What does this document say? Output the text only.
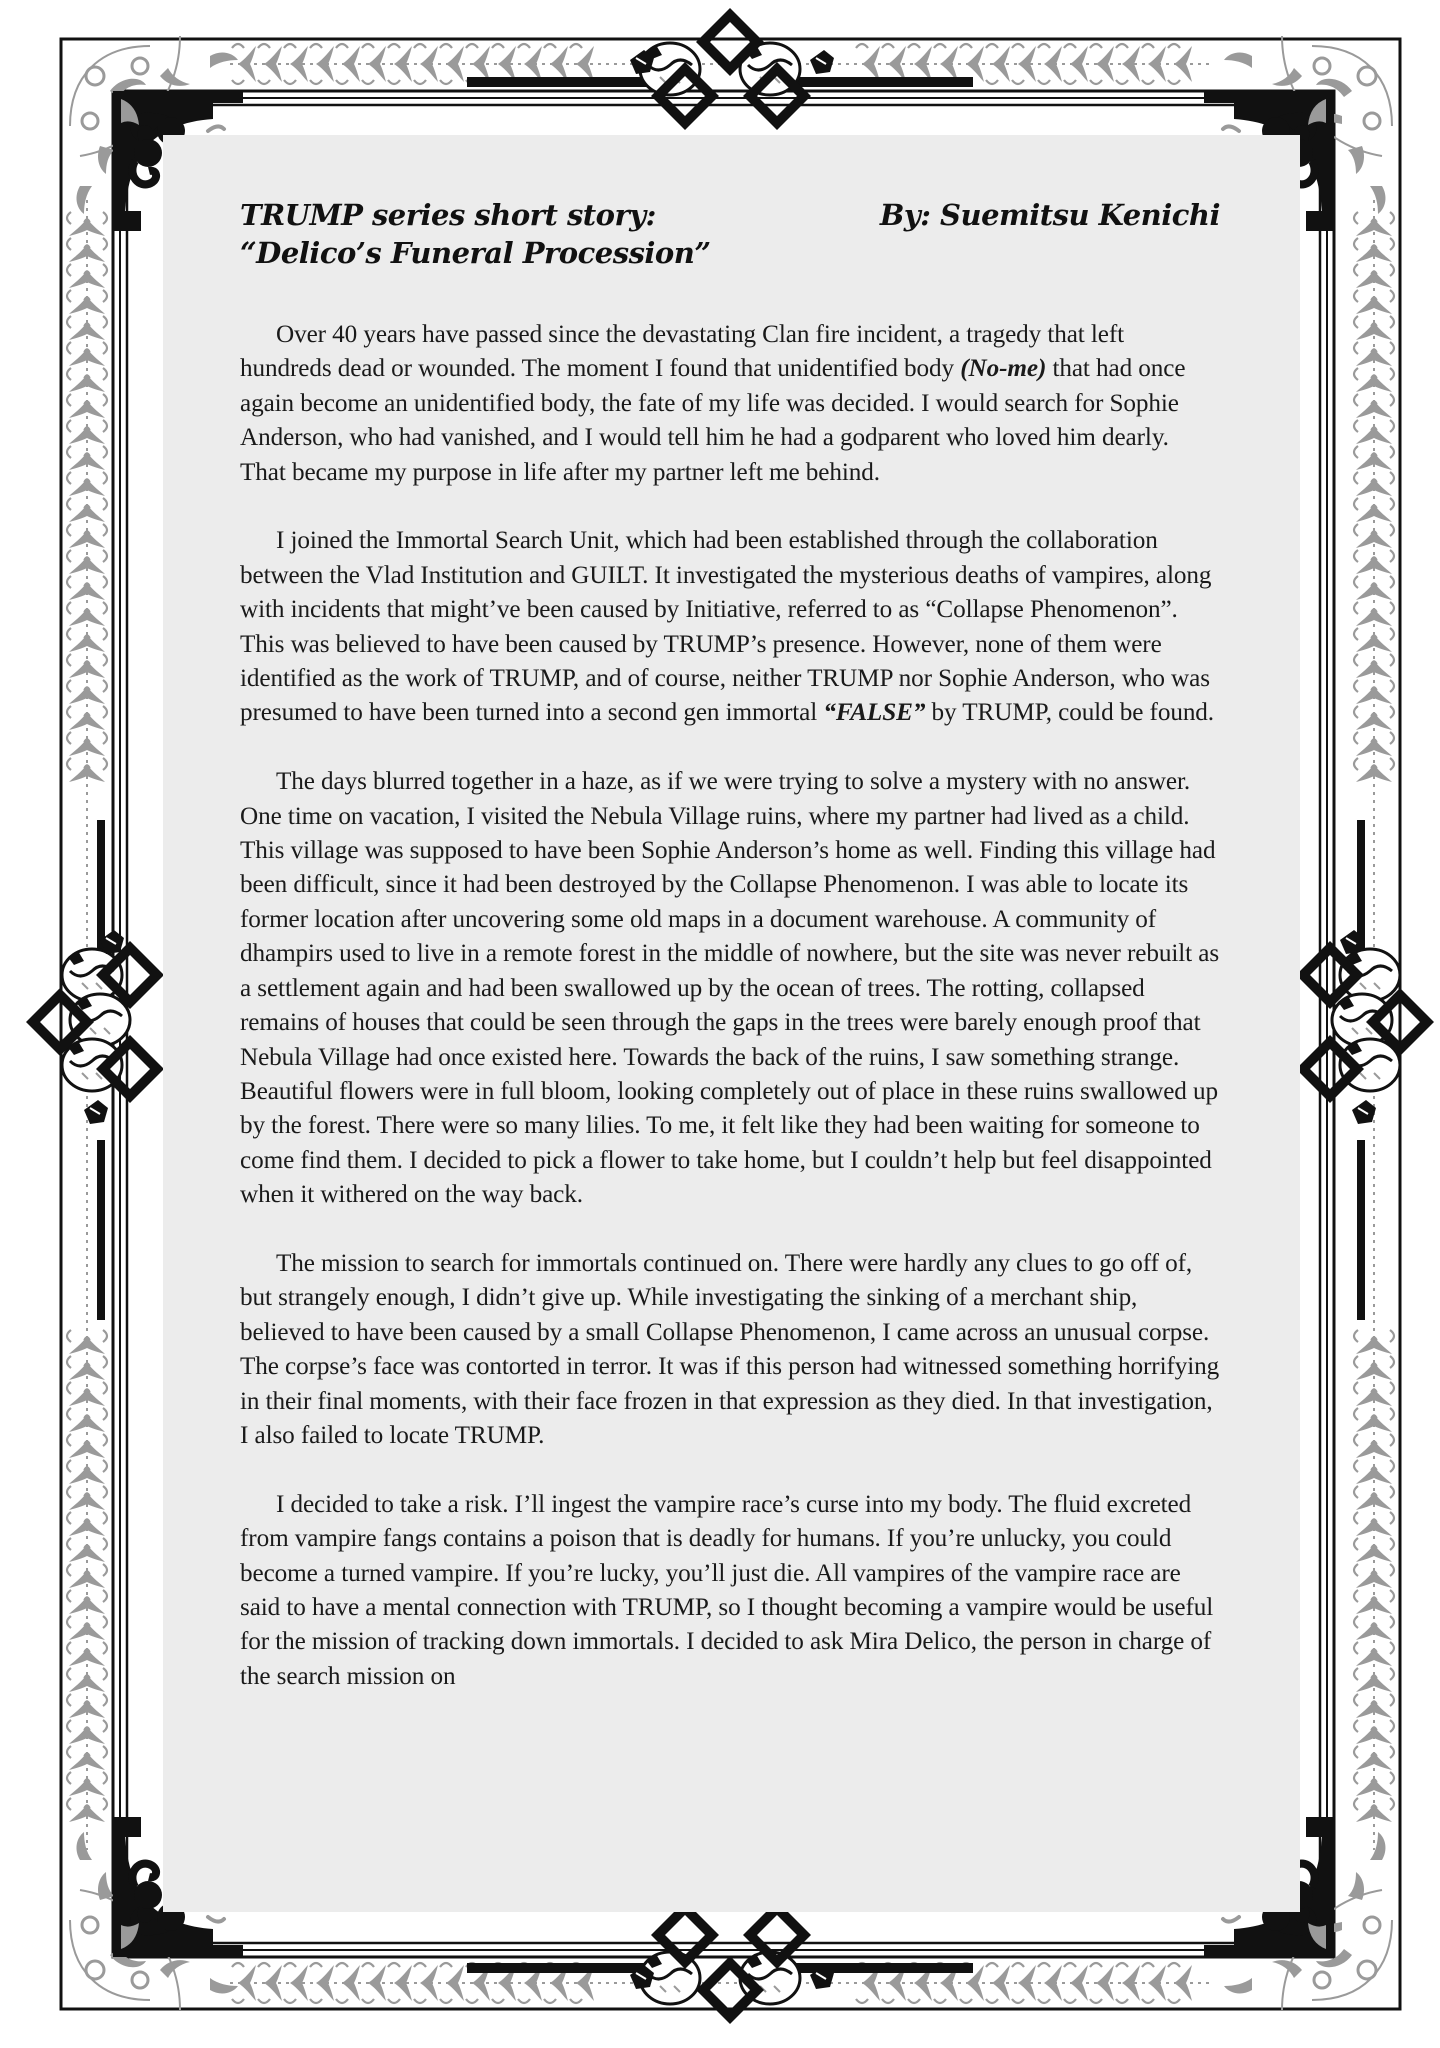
TRUMP series short story:
“Delico’s Funeral Procession”
By: Suemitsu Kenichi

Over 40 years have passed since the devastating Clan fire incident, a tragedy that left hundreds dead or wounded. The moment I found that unidentified body (No-me) that had once again become an unidentified body, the fate of my life was decided. I would search for Sophie Anderson, who had vanished, and I would tell him he had a godparent who loved him dearly. That became my purpose in life after my partner left me behind.

I joined the Immortal Search Unit, which had been established through the collaboration between the Vlad Institution and GUILT. It investigated the mysterious deaths of vampires, along with incidents that might’ve been caused by Initiative, referred to as “Collapse Phenomenon”. This was believed to have been caused by TRUMP’s presence. However, none of them were identified as the work of TRUMP, and of course, neither TRUMP nor Sophie Anderson, who was presumed to have been turned into a second gen immortal “FALSE” by TRUMP, could be found.

The days blurred together in a haze, as if we were trying to solve a mystery with no answer. One time on vacation, I visited the Nebula Village ruins, where my partner had lived as a child. This village was supposed to have been Sophie Anderson’s home as well. Finding this village had been difficult, since it had been destroyed by the Collapse Phenomenon. I was able to locate its former location after uncovering some old maps in a document warehouse. A community of dhampirs used to live in a remote forest in the middle of nowhere, but the site was never rebuilt as a settlement again and had been swallowed up by the ocean of trees. The rotting, collapsed remains of houses that could be seen through the gaps in the trees were barely enough proof that Nebula Village had once existed here. Towards the back of the ruins, I saw something strange. Beautiful flowers were in full bloom, looking completely out of place in these ruins swallowed up by the forest. There were so many lilies. To me, it felt like they had been waiting for someone to come find them. I decided to pick a flower to take home, but I couldn’t help but feel disappointed when it withered on the way back.

The mission to search for immortals continued on. There were hardly any clues to go off of, but strangely enough, I didn’t give up. While investigating the sinking of a merchant ship, believed to have been caused by a small Collapse Phenomenon, I came across an unusual corpse. The corpse’s face was contorted in terror. It was if this person had witnessed something horrifying in their final moments, with their face frozen in that expression as they died. In that investigation, I also failed to locate TRUMP.

I decided to take a risk. I’ll ingest the vampire race’s curse into my body. The fluid excreted from vampire fangs contains a poison that is deadly for humans. If you’re unlucky, you could become a turned vampire. If you’re lucky, you’ll just die. All vampires of the vampire race are said to have a mental connection with TRUMP, so I thought becoming a vampire would be useful for the mission of tracking down immortals. I decided to ask Mira Delico, the person in charge of the search mission on
